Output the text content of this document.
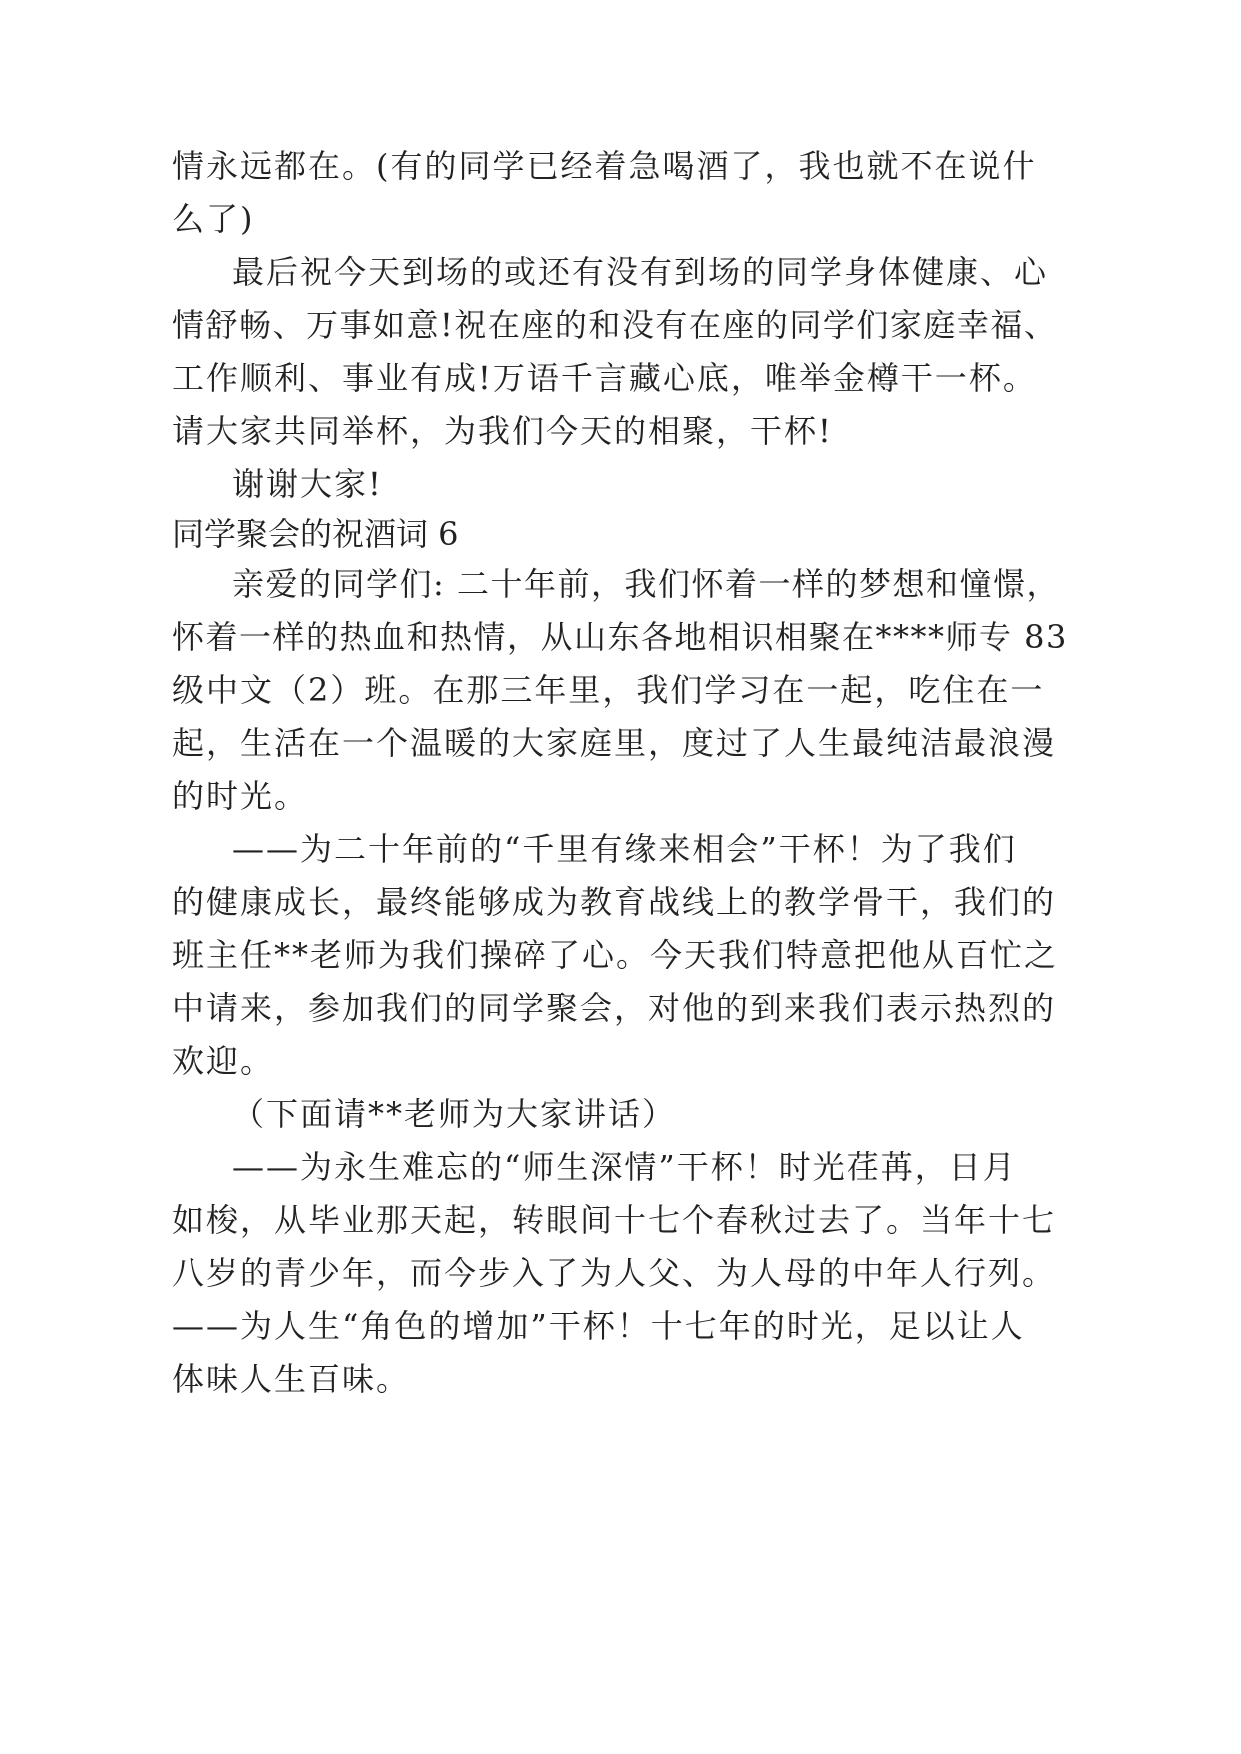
情永远都在。(有的同学已经着急喝酒了，我也就不在说什
么了)
最后祝今天到场的或还有没有到场的同学身体健康、心
情舒畅、万事如意!祝在座的和没有在座的同学们家庭幸福、
工作顺利、事业有成!万语千言藏心底，唯举金樽干一杯。
请大家共同举杯，为我们今天的相聚，干杯!
谢谢大家!
同学聚会的祝酒词 6
亲爱的同学们: 二十年前，我们怀着一样的梦想和憧憬，
怀着一样的热血和热情，从山东各地相识相聚在****师专 83
级中文（2）班。在那三年里，我们学习在一起，吃住在一
起，生活在一个温暖的大家庭里，度过了人生最纯洁最浪漫
的时光。
——为二十年前的“千里有缘来相会”干杯！为了我们
的健康成长，最终能够成为教育战线上的教学骨干，我们的
班主任**老师为我们操碎了心。今天我们特意把他从百忙之
中请来，参加我们的同学聚会，对他的到来我们表示热烈的
欢迎。
（下面请**老师为大家讲话）
——为永生难忘的“师生深情”干杯！时光荏苒，日月
如梭，从毕业那天起，转眼间十七个春秋过去了。当年十七
八岁的青少年，而今步入了为人父、为人母的中年人行列。
——为人生“角色的增加”干杯！十七年的时光，足以让人
体味人生百味。
